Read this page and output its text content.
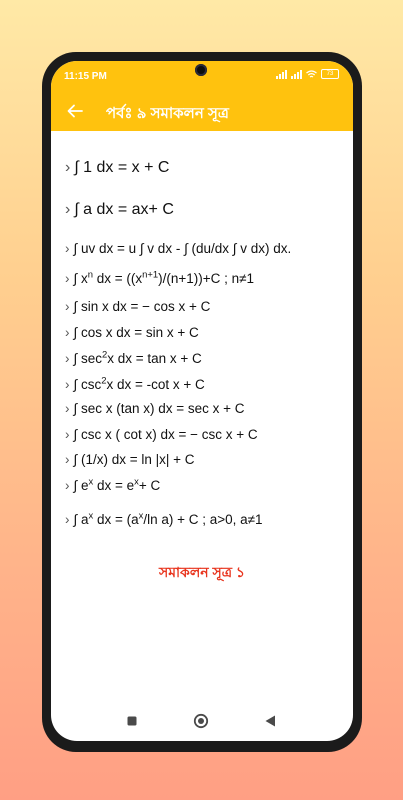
11:15 PM	73
পর্বঃ ৯ সমাকলন সূত্র
› ∫ 1 dx = x + C
› ∫ a dx = ax+ C
› ∫ uv dx = u ∫ v dx - ∫ (du/dx ∫ v dx) dx.
› ∫ $x^n$ dx = $((x^{n+1})/(n+1))+C$ ; n≠1
› ∫ sin x dx = − cos x + C
› ∫ cos x dx = sin x + C
› ∫ $\sec^2x$ dx = tan x + C
› ∫ $\csc^2x$ dx = -cot x + C
› ∫ sec x (tan x) dx = sec x + C
› ∫ csc x ( cot x) dx = − csc x + C
› ∫ (1/x) dx = ln |x| + C
› ∫ $e^x$ dx = $e^x+ C$
› ∫ $a^x$ dx = ($a^x/\ln$ a) + C ; a>0, a≠1
সমাকলন সূত্র ১
